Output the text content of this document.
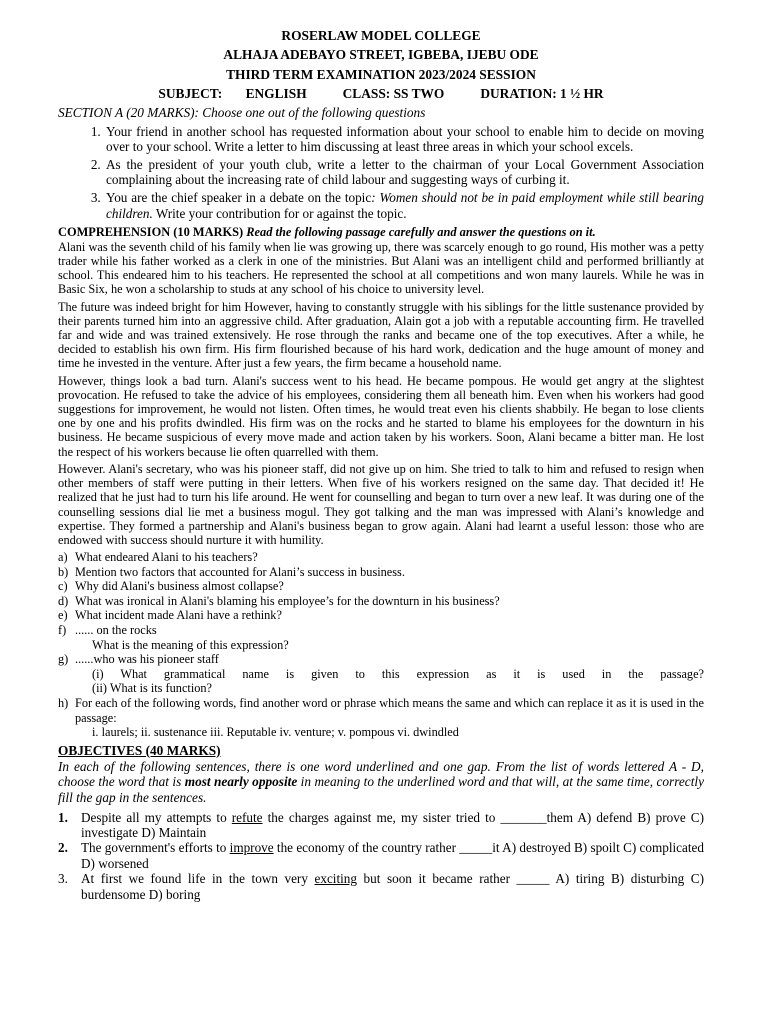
ROSERLAW MODEL COLLEGE
ALHAJA ADEBAYO STREET, IGBEBA, IJEBU ODE
THIRD TERM EXAMINATION 2023/2024 SESSION
SUBJECT:       ENGLISH	CLASS: SS TWO	DURATION: 1 ½ HR
SECTION A (20 MARKS): Choose one out of the following questions
1. Your friend in another school has requested information about your school to enable him to decide on moving over to your school. Write a letter to him discussing at least three areas in which your school excels.
2. As the president of your youth club, write a letter to the chairman of your Local Government Association complaining about the increasing rate of child labour and suggesting ways of curbing it.
3. You are the chief speaker in a debate on the topic: Women should not be in paid employment while still bearing children. Write your contribution for or against the topic.
COMPREHENSION (10 MARKS) Read the following passage carefully and answer the questions on it.

Alani was the seventh child of his family when lie was growing up, there was scarcely enough to go round, His mother was a petty trader while his father worked as a clerk in one of the ministries. But Alani was an intelligent child and performed brilliantly at school. This endeared him to his teachers. He represented the school at all competitions and won many laurels. While he was in Basic Six, he won a scholarship to studs at any school of his choice to university level.

The future was indeed bright for him However, having to constantly struggle with his siblings for the little sustenance provided by their parents turned him into an aggressive child. After graduation, Alain got a job with a reputable accounting firm. He travelled far and wide and was trained extensively. He rose through the ranks and became one of the top executives. After a while, he decided to establish his own firm. His firm flourished because of his hard work, dedication and the huge amount of money and time he invested in the venture. After just a few years, the firm became a household name.

However, things look a bad turn. Alani's success went to his head. He became pompous. He would get angry at the slightest provocation. He refused to take the advice of his employees, considering them all beneath him. Even when his workers had good suggestions for improvement, he would not listen. Often times, he would treat even his clients shabbily. He began to lose clients one by one and his profits dwindled. His firm was on the rocks and he started to blame his employees for the downturn in his business. He became suspicious of every move made and action taken by his workers. Soon, Alani became a bitter man. He lost the respect of his workers because lie often quarrelled with them.

However. Alani's secretary, who was his pioneer staff, did not give up on him. She tried to talk to him and refused to resign when other members of staff were putting in their letters. When five of his workers resigned on the same day. That decided it! He realized that he just had to turn his life around. He went for counselling and began to turn over a new leaf. It was during one of the counselling sessions dial lie met a business mogul. They got talking and the man was impressed with Alani’s knowledge and expertise. They formed a partnership and Alani's business began to grow again. Alani had learnt a useful lesson: those who are endowed with success should nurture it with humility.

a) What endeared Alani to his teachers?
b) Mention two factors that accounted for Alani’s success in business.
c) Why did Alani's business almost collapse?
d) What was ironical in Alani's blaming his employee’s for the downturn in his business?
e) What incident made Alani have a rethink?
f) ...... on the rocks
What is the meaning of this expression?
g) ......who was his pioneer staff
(i) What grammatical name is given to this expression as it is used in the passage?
(ii) What is its function?
h) For each of the following words, find another word or phrase which means the same and which can replace it as it is used in the passage:
i. laurels; ii. sustenance iii. Reputable iv. venture; v. pompous vi. dwindled
OBJECTIVES (40 MARKS)
In each of the following sentences, there is one word underlined and one gap. From the list of words lettered A - D, choose the word that is most nearly opposite in meaning to the underlined word and that will, at the same time, correctly fill the gap in the sentences.
1. Despite all my attempts to refute the charges against me, my sister tried to _______them A) defend B) prove C) investigate D) Maintain
2. The government's efforts to improve the economy of the country rather _____it A) destroyed B) spoilt C) complicated D) worsened
3. At first we found life in the town very exciting but soon it became rather _____ A) tiring B) disturbing C) burdensome D) boring
